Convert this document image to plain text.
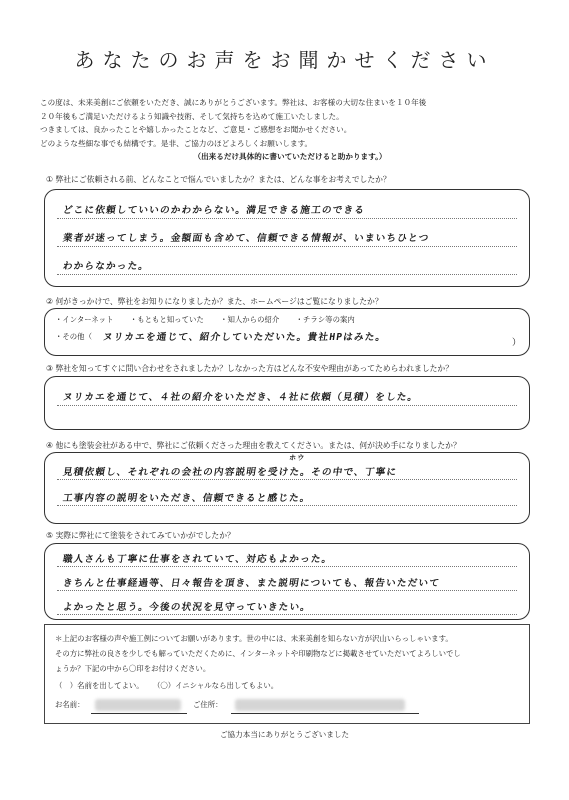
あなたのお声をお聞かせください
この度は、未来美創にご依頼をいただき、誠にありがとうございます。弊社は、お客様の大切な住まいを１０年後
２０年後もご満足いただけるよう知識や技術、そして気持ちを込めて施工いたしました。
つきましては、良かったことや嬉しかったことなど、ご意見・ご感想をお聞かせください。
どのような些細な事でも結構です。是非、ご協力のほどよろしくお願いします。
（出来るだけ具体的に書いていただけると助かります。）
① 弊社にご依頼される前、どんなことで悩んでいましたか？または、どんな事をお考えでしたか？
どこに依頼していいのかわからない。満足できる施工のできる
業者が迷ってしまう。金額面も含めて、信頼できる情報が、いまいちひとつ
わからなかった。
② 何がきっかけで、弊社をお知りになりましたか？また、ホームページはご覧になりましたか？
・インターネット ・もともと知っていた ・知人からの紹介 ・チラシ等の案内
・その他（	ヌリカエを通じて、紹介していただいた。貴社HPはみた。	）
③ 弊社を知ってすぐに問い合わせをされましたか？しなかった方はどんな不安や理由があってためらわれましたか？
ヌリカエを通じて、４社の紹介をいただき、４社に依頼（見積）をした。
④ 他にも塗装会社がある中で、弊社にご依頼くださった理由を教えてください。または、何が決め手になりましたか？
ホウ
見積依頼し、それぞれの会社の内容説明を受けた。その中で、丁寧に
工事内容の説明をいただき、信頼できると感じた。
⑤ 実際に弊社にて塗装をされてみていかがでしたか？
職人さんも丁寧に仕事をされていて、対応もよかった。
きちんと仕事経過等、日々報告を頂き、また説明についても、報告いただいて
よかったと思う。今後の状況を見守っていきたい。
＊上記のお客様の声や施工例についてお願いがあります。世の中には、未来美創を知らない方が沢山いらっしゃいます。
その方に弊社の良さを少しでも解っていただくために、インターネットや印刷物などに掲載させていただいてよろしいでし
ょうか？下記の中から〇印をお付けください。
（　）名前を出してよい。 （〇）イニシャルなら出してもよい。
お名前：	ご住所：
ご協力本当にありがとうございました
